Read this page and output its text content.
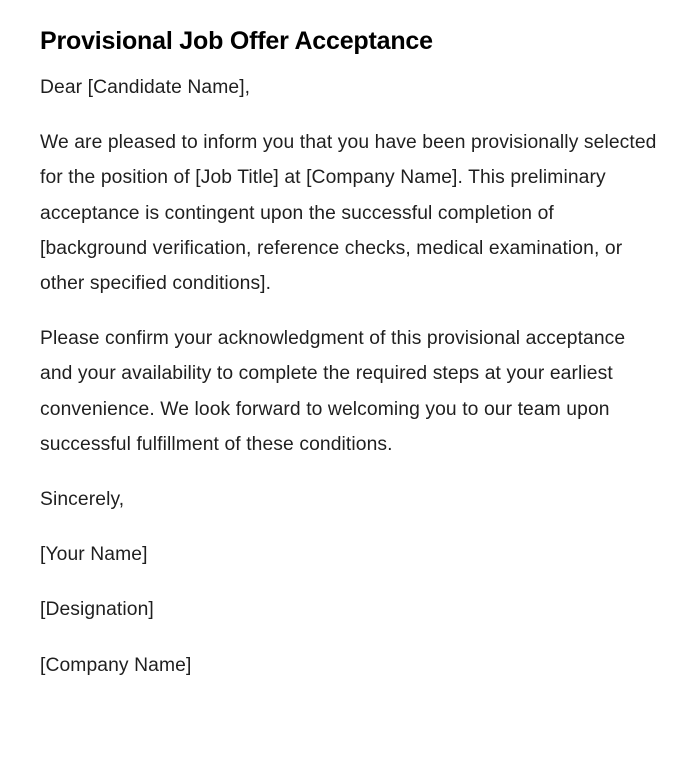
Provisional Job Offer Acceptance

Dear [Candidate Name],

We are pleased to inform you that you have been provisionally selected for the position of [Job Title] at [Company Name]. This preliminary acceptance is contingent upon the successful completion of [background verification, reference checks, medical examination, or other specified conditions].

Please confirm your acknowledgment of this provisional acceptance and your availability to complete the required steps at your earliest convenience. We look forward to welcoming you to our team upon successful fulfillment of these conditions.

Sincerely,

[Your Name]

[Designation]

[Company Name]
